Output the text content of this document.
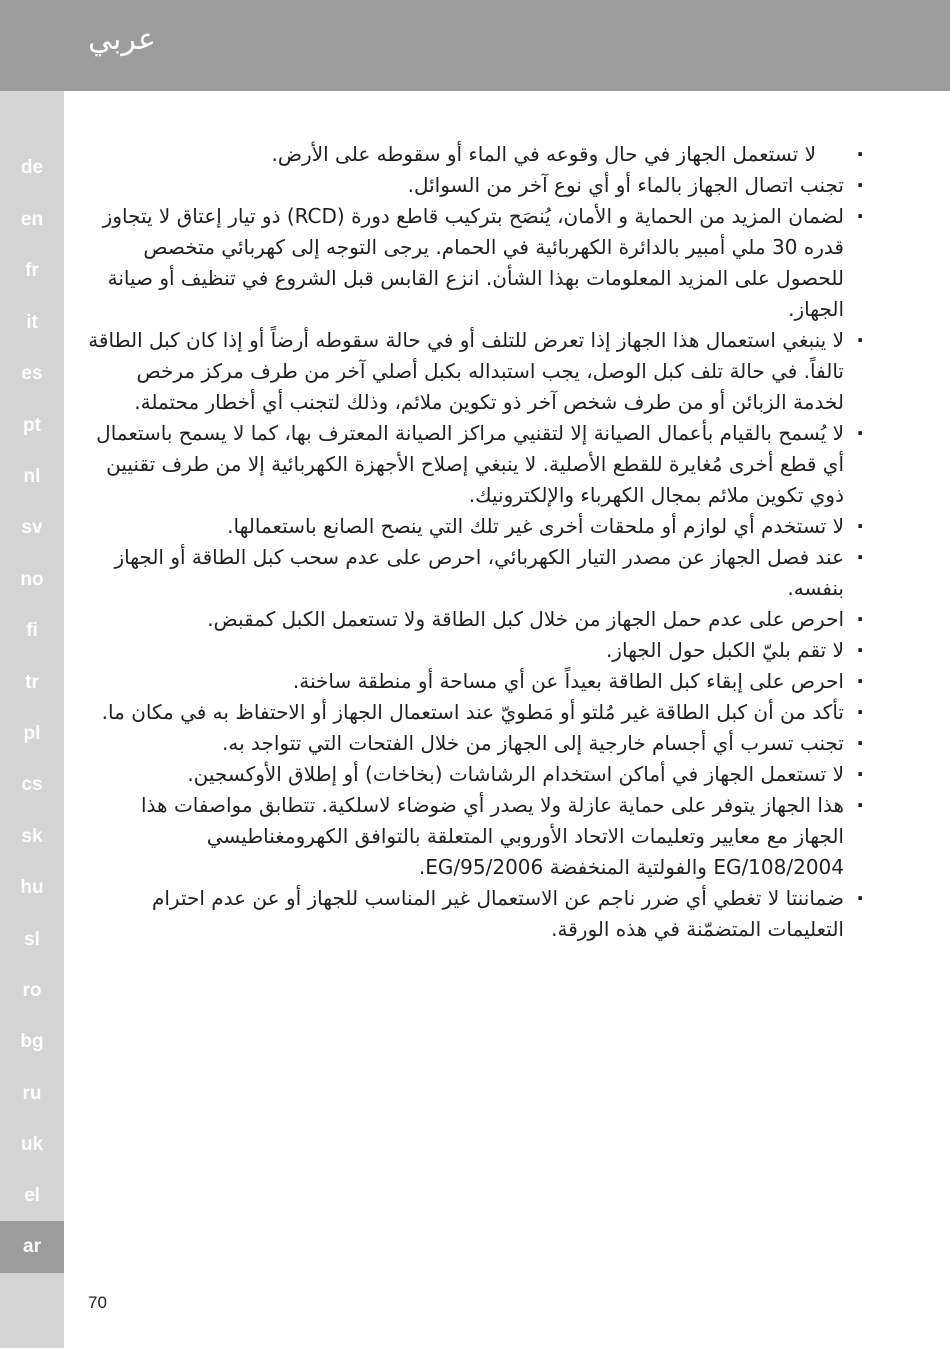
عربي
de
en
fr
it
es
pt
nl
sv
no
fi
tr
pl
cs
sk
hu
sl
ro
bg
ru
uk
el
ar
· لا تستعمل الجهاز في حال وقوعه في الماء أو سقوطه على الأرض.
· تجنب اتصال الجهاز بالماء أو أي نوع آخر من السوائل.
· لضمان المزيد من الحماية و الأمان، يُنصَح بتركيب قاطع دورة (RCD) ذو تيار إعتاق لا يتجاوز قدره 30 ملي أمبير بالدائرة الكهربائية في الحمام. يرجى التوجه إلى كهربائي متخصص للحصول على المزيد المعلومات بهذا الشأن. انزع القابس قبل الشروع في تنظيف أو صيانة الجهاز.
· لا ينبغي استعمال هذا الجهاز إذا تعرض للتلف أو في حالة سقوطه أرضاً أو إذا كان كبل الطاقة تالفاً. في حالة تلف كبل الوصل، يجب استبداله بكبل أصلي آخر من طرف مركز مرخص لخدمة الزبائن أو من طرف شخص آخر ذو تكوين ملائم، وذلك لتجنب أي أخطار محتملة.
· لا يُسمح بالقيام بأعمال الصيانة إلا لتقنيي مراكز الصيانة المعترف بها، كما لا يسمح باستعمال أي قطع أخرى مُغايرة للقطع الأصلية. لا ينبغي إصلاح الأجهزة الكهربائية إلا من طرف تقنيين ذوي تكوين ملائم بمجال الكهرباء والإلكترونيك.
· لا تستخدم أي لوازم أو ملحقات أخرى غير تلك التي ينصح الصانع باستعمالها.
· عند فصل الجهاز عن مصدر التيار الكهربائي، احرص على عدم سحب كبل الطاقة أو الجهاز بنفسه.
· احرص على عدم حمل الجهاز من خلال كبل الطاقة ولا تستعمل الكبل كمقبض.
· لا تقم بليّ الكبل حول الجهاز.
· احرص على إبقاء كبل الطاقة بعيداً عن أي مساحة أو منطقة ساخنة.
· تأكد من أن كبل الطاقة غير مُلتو أو مَطويّ عند استعمال الجهاز أو الاحتفاظ به في مكان ما.
· تجنب تسرب أي أجسام خارجية إلى الجهاز من خلال الفتحات التي تتواجد به.
· لا تستعمل الجهاز في أماكن استخدام الرشاشات (بخاخات) أو إطلاق الأوكسجين.
· هذا الجهاز يتوفر على حماية عازلة ولا يصدر أي ضوضاء لاسلكية. تتطابق مواصفات هذا الجهاز مع معايير وتعليمات الاتحاد الأوروبي المتعلقة بالتوافق الكهرومغناطيسي EG/108/2004 والفولتية المنخفضة EG/95/2006.
· ضماننتا لا تغطي أي ضرر ناجم عن الاستعمال غير المناسب للجهاز أو عن عدم احترام التعليمات المتضمّنة في هذه الورقة.
70
